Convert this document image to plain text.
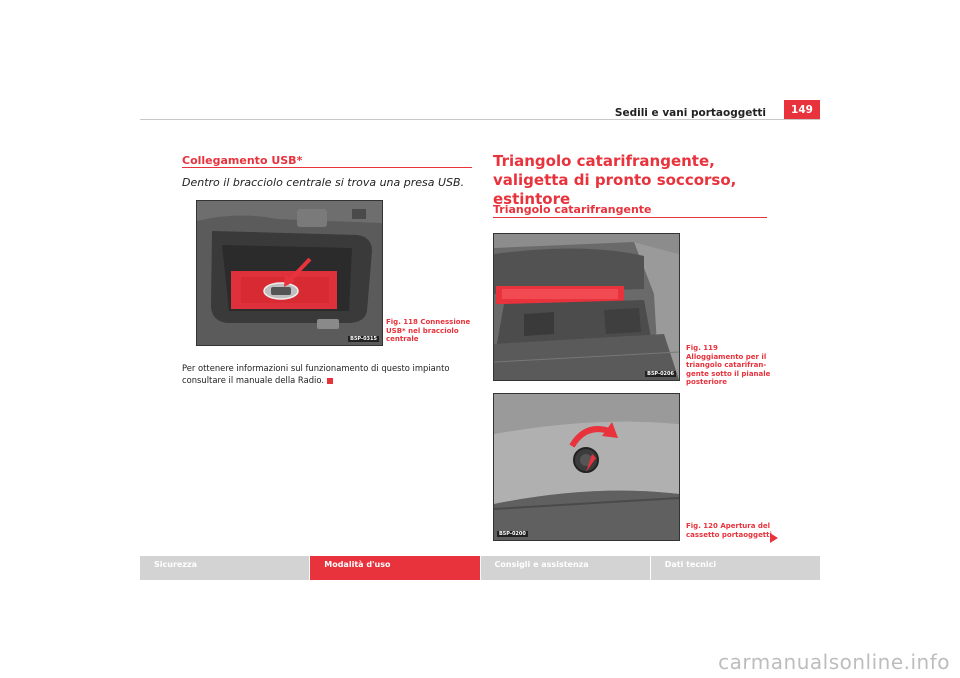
Sedili e vani portaoggetti	149
Collegamento USB*
Dentro il bracciolo centrale si trova una presa USB.
B5P-0315
Fig. 118 Connessione USB* nel bracciolo centrale
Per ottenere informazioni sul funzionamento di questo impianto consultare il manuale della Radio.
Triangolo catarifrangente, valigetta di pronto soccorso, estintore
Triangolo catarifrangente
B5P-0206
Fig. 119 Alloggiamento per il triangolo catarifran-gente sotto il pianale posteriore
B5P-0200
Fig. 120 Apertura del cassetto portaoggetti
Sicurezza	Modalità d'uso	Consigli e assistenza	Dati tecnici
carmanualsonline.info
